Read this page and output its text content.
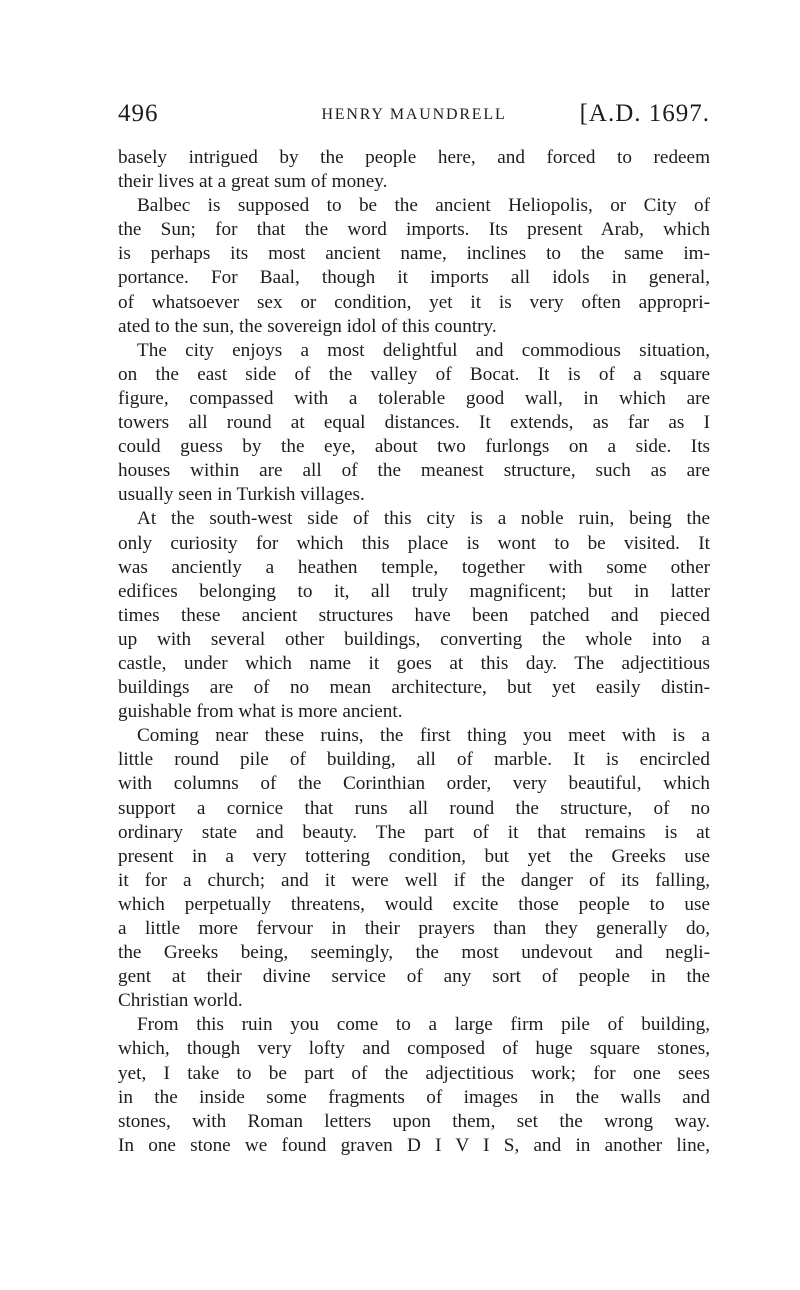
496	HENRY MAUNDRELL	[A.D. 1697.
basely intrigued by the people here, and forced to redeem
their lives at a great sum of money.
Balbec is supposed to be the ancient Heliopolis, or City of
the Sun; for that the word imports. Its present Arab, which
is perhaps its most ancient name, inclines to the same im-
portance. For Baal, though it imports all idols in general,
of whatsoever sex or condition, yet it is very often appropri-
ated to the sun, the sovereign idol of this country.
The city enjoys a most delightful and commodious situation,
on the east side of the valley of Bocat. It is of a square
figure, compassed with a tolerable good wall, in which are
towers all round at equal distances. It extends, as far as I
could guess by the eye, about two furlongs on a side. Its
houses within are all of the meanest structure, such as are
usually seen in Turkish villages.
At the south-west side of this city is a noble ruin, being the
only curiosity for which this place is wont to be visited. It
was anciently a heathen temple, together with some other
edifices belonging to it, all truly magnificent; but in latter
times these ancient structures have been patched and pieced
up with several other buildings, converting the whole into a
castle, under which name it goes at this day. The adjectitious
buildings are of no mean architecture, but yet easily distin-
guishable from what is more ancient.
Coming near these ruins, the first thing you meet with is a
little round pile of building, all of marble. It is encircled
with columns of the Corinthian order, very beautiful, which
support a cornice that runs all round the structure, of no
ordinary state and beauty. The part of it that remains is at
present in a very tottering condition, but yet the Greeks use
it for a church; and it were well if the danger of its falling,
which perpetually threatens, would excite those people to use
a little more fervour in their prayers than they generally do,
the Greeks being, seemingly, the most undevout and negli-
gent at their divine service of any sort of people in the
Christian world.
From this ruin you come to a large firm pile of building,
which, though very lofty and composed of huge square stones,
yet, I take to be part of the adjectitious work; for one sees
in the inside some fragments of images in the walls and
stones, with Roman letters upon them, set the wrong way.
In one stone we found graven D I V I S, and in another line,
